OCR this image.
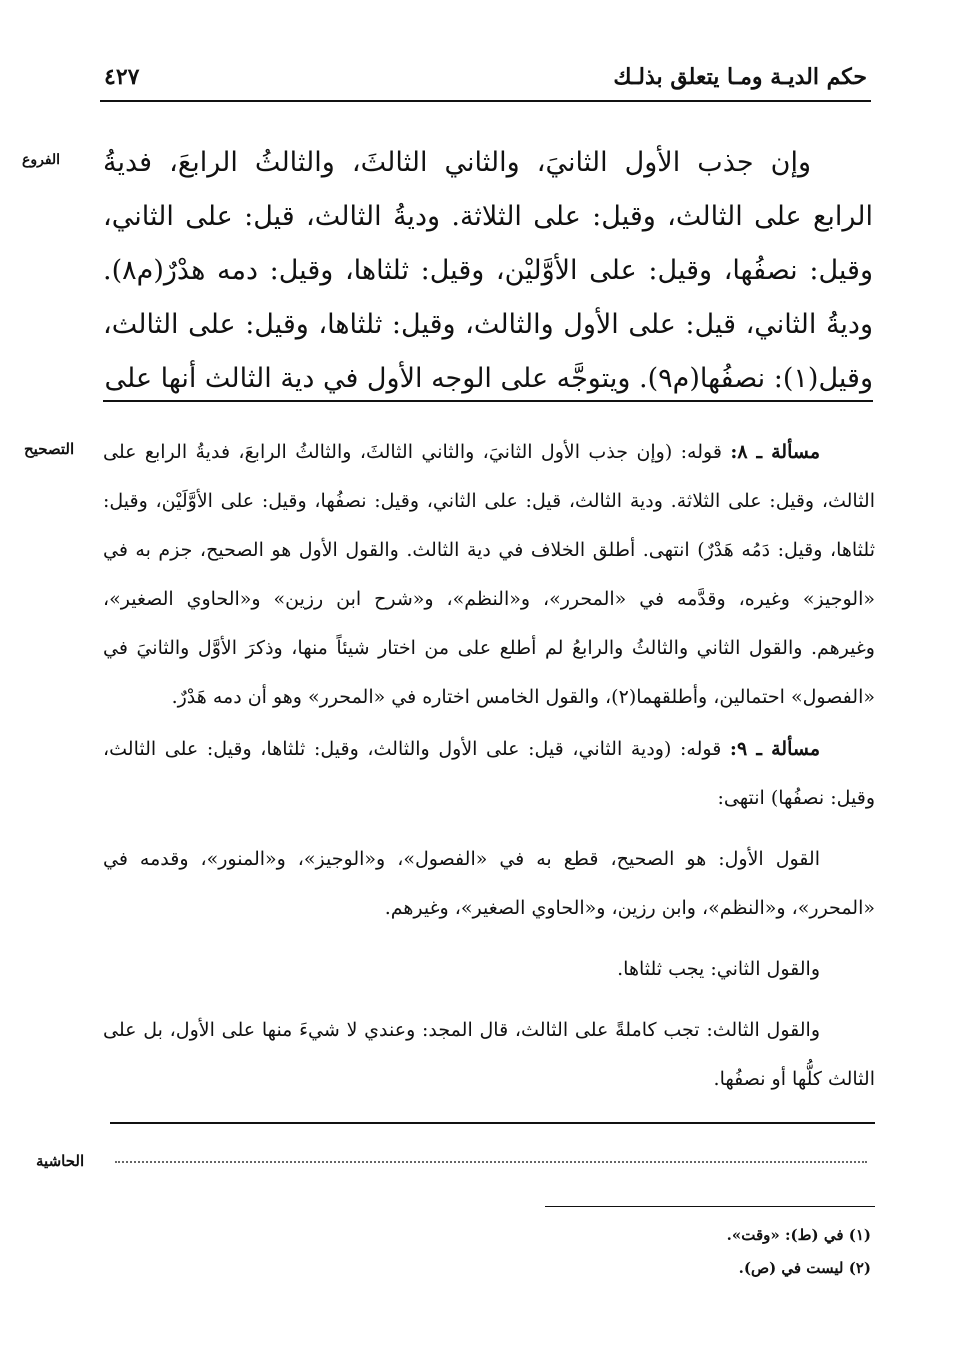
حكم الديـة ومـا يتعلق بذلـك
٤٢٧
الفروع وإن جذب الأول الثانيَ، والثاني الثالثَ، والثالثُ الرابعَ، فديةُ الرابع على الثالث، وقيل: على الثلاثة. وديةُ الثالث، قيل: على الثاني، وقيل: نصفُها، وقيل: على الأوَّليْن، وقيل: ثلثاها، وقيل: دمه هدْرٌ(م٨). وديةُ الثاني، قيل: على الأول والثالث، وقيل: ثلثاها، وقيل: على الثالث، وقيل(١): نصفُها(م٩). ويتوجَّه على الوجه الأول في دية الثالث أنها على

التصحيح	مسألة ـ ٨: قوله: (وإن جذب الأول الثانيَ، والثاني الثالثَ، والثالثُ الرابعَ، فديةُ الرابع على الثالث، وقيل: على الثلاثة. ودية الثالث، قيل: على الثاني، وقيل: نصفُها، وقيل: على الأوَّلَيْن، وقيل: ثلثاها، وقيل: دَمُه هَدْرٌ) انتهى. أطلق الخلاف في دية الثالث. والقول الأول هو الصحيح، جزم به في «الوجيز» وغيره، وقدَّمه في «المحرر»، و«النظم»، و«شرح ابن رزين» و«الحاوي الصغير»، وغيرهم. والقول الثاني والثالثُ والرابعُ لم أطلع على من اختار شيئاً منها، وذكرَ الأوَّل والثانيَ في «الفصول» احتمالين، وأطلقهما(٢)، والقول الخامس اختاره في «المحرر» وهو أن دمه هَدْرٌ.

مسألة ـ ٩: قوله: (ودية الثاني، قيل: على الأول والثالث، وقيل: ثلثاها، وقيل: على الثالث، وقيل: نصفُها) انتهى:

القول الأول: هو الصحيح، قطع به في «الفصول»، و«الوجيز»، و«المنور»، وقدمه في «المحرر»، و«النظم»، وابن رزين، و«الحاوي الصغير»، وغيرهم.

والقول الثاني: يجب ثلثاها.

والقول الثالث: تجب كاملةً على الثالث، قال المجد: وعندي لا شيءَ منها على الأول، بل على الثالث كلُّها أو نصفُها.

الحاشية
(١) في (ط): «وقت».
(٢) ليست في (ص).
